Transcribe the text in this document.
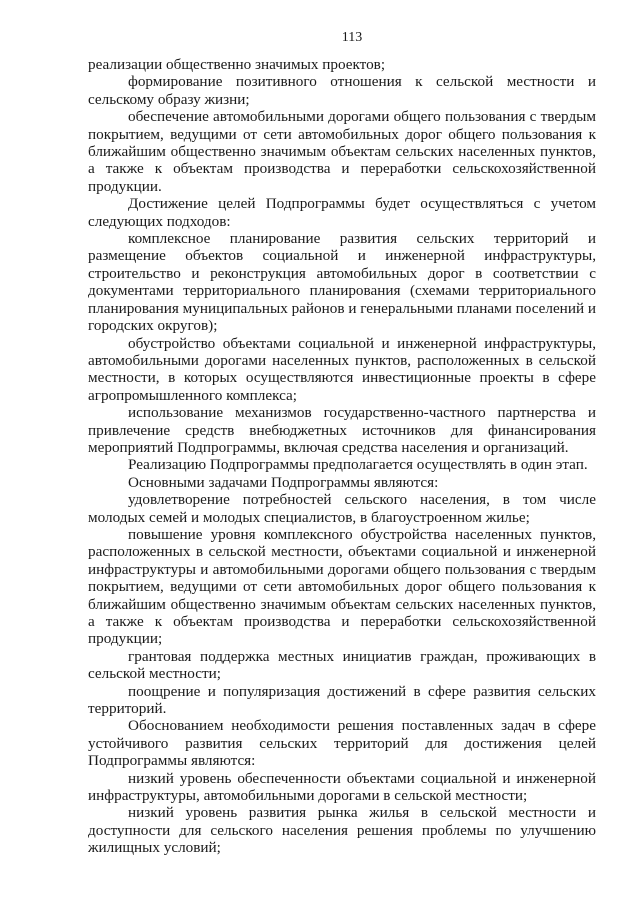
113

реализации общественно значимых проектов;

формирование позитивного отношения к сельской местности и сельскому образу жизни;

обеспечение автомобильными дорогами общего пользования с твердым покрытием, ведущими от сети автомобильных дорог общего пользования к ближайшим общественно значимым объектам сельских населенных пунктов, а также к объектам производства и переработки сельскохозяйственной продукции.

Достижение целей Подпрограммы будет осуществляться с учетом следующих подходов:

комплексное планирование развития сельских территорий и размещение объектов социальной и инженерной инфраструктуры, строительство и реконструкция автомобильных дорог в соответствии с документами территориального планирования (схемами территориального планирования муниципальных районов и генеральными планами поселений и городских округов);

обустройство объектами социальной и инженерной инфраструктуры, автомобильными дорогами населенных пунктов, расположенных в сельской местности, в которых осуществляются инвестиционные проекты в сфере агропромышленного комплекса;

использование механизмов государственно-частного партнерства и привлечение средств внебюджетных источников для финансирования мероприятий Подпрограммы, включая средства населения и организаций.

Реализацию Подпрограммы предполагается осуществлять в один этап.

Основными задачами Подпрограммы являются:

удовлетворение потребностей сельского населения, в том числе молодых семей и молодых специалистов, в благоустроенном жилье;

повышение уровня комплексного обустройства населенных пунктов, расположенных в сельской местности, объектами социальной и инженерной инфраструктуры и автомобильными дорогами общего пользования с твердым покрытием, ведущими от сети автомобильных дорог общего пользования к ближайшим общественно значимым объектам сельских населенных пунктов, а также к объектам производства и переработки сельскохозяйственной продукции;

грантовая поддержка местных инициатив граждан, проживающих в сельской местности;

поощрение и популяризация достижений в сфере развития сельских территорий.

Обоснованием необходимости решения поставленных задач в сфере устойчивого развития сельских территорий для достижения целей Подпрограммы являются:

низкий уровень обеспеченности объектами социальной и инженерной инфраструктуры, автомобильными дорогами в сельской местности;

низкий уровень развития рынка жилья в сельской местности и доступности для сельского населения решения проблемы по улучшению жилищных условий;
